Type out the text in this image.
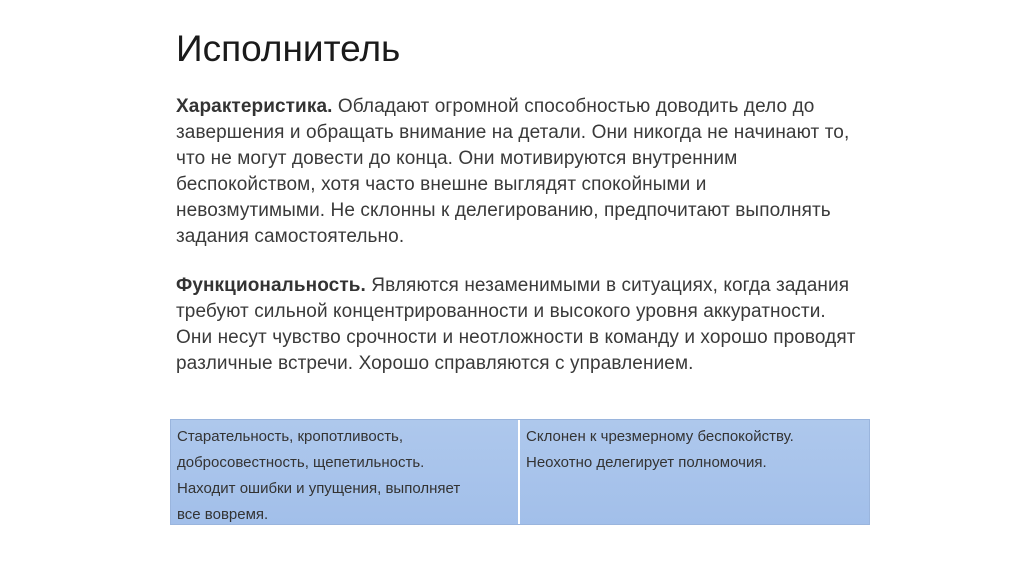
Исполнитель

Характеристика. Обладают огромной способностью доводить дело до завершения и обращать внимание на детали. Они никогда не начинают то, что не могут довести до конца. Они мотивируются внутренним беспокойством, хотя часто внешне выглядят спокойными и невозмутимыми. Не склонны к делегированию, предпочитают выполнять задания самостоятельно.

Функциональность. Являются незаменимыми в ситуациях, когда задания требуют сильной концентрированности и высокого уровня аккуратности. Они несут чувство срочности и неотложности в команду и хорошо проводят различные встречи. Хорошо справляются с управлением.

Старательность, кропотливость,
добросовестность, щепетильность.
Находит ошибки и упущения, выполняет
все вовремя.
Склонен к чрезмерному беспокойству.
Неохотно делегирует полномочия.
